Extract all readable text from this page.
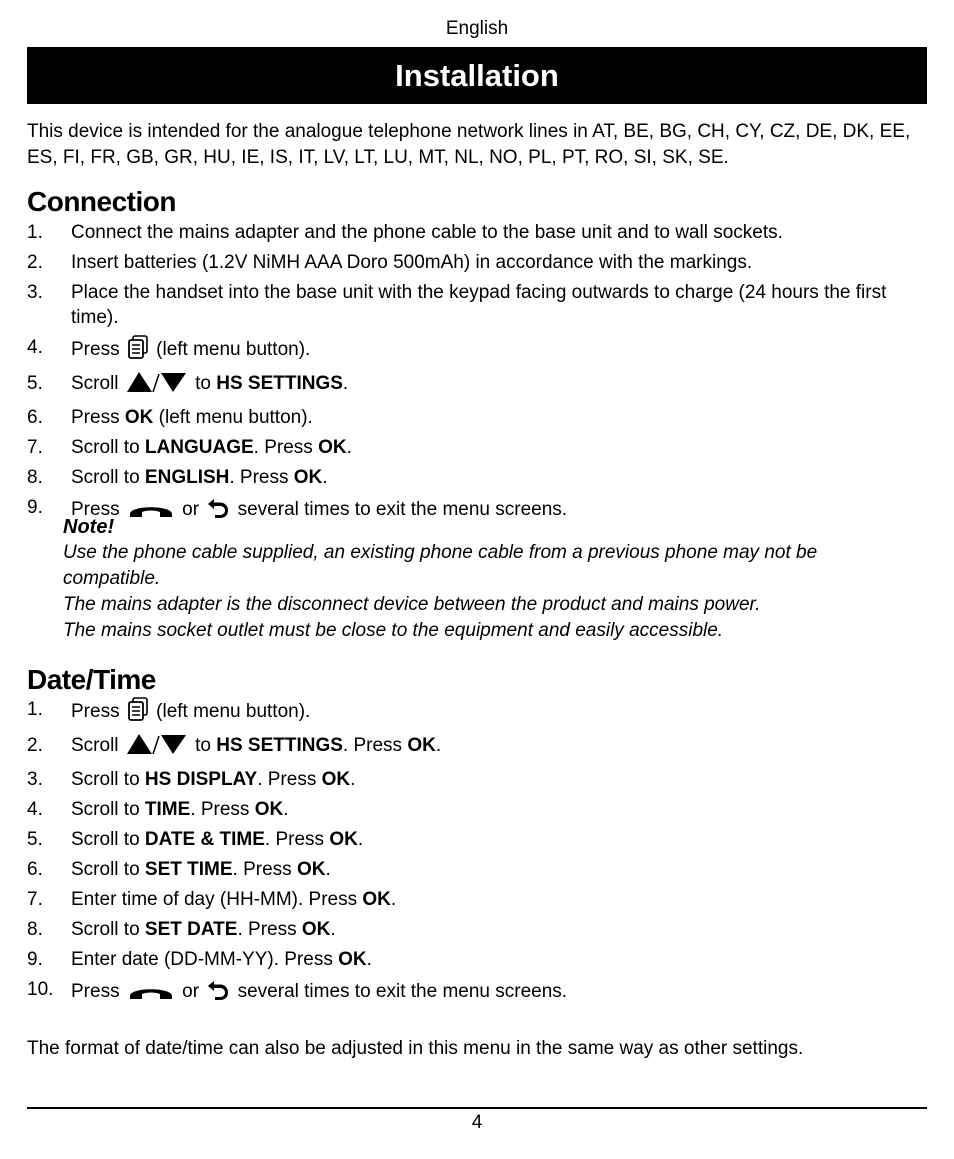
English
Installation
This device is intended for the analogue telephone network lines in AT, BE, BG, CH, CY, CZ, DE, DK, EE, ES, FI, FR, GB, GR, HU, IE, IS, IT, LV, LT, LU, MT, NL, NO, PL, PT, RO, SI, SK, SE.
Connection
1. Connect the mains adapter and the phone cable to the base unit and to wall sockets.
2. Insert batteries (1.2V NiMH AAA Doro 500mAh) in accordance with the markings.
3. Place the handset into the base unit with the keypad facing outwards to charge (24 hours the first time).
4. Press (left menu button).
5. Scroll	to HS SETTINGS.
6. Press OK (left menu button).
7. Scroll to LANGUAGE. Press OK.
8. Scroll to ENGLISH. Press OK.
9. Press	or several times to exit the menu screens.
Note!
Use the phone cable supplied, an existing phone cable from a previous phone may not be compatible.
The mains adapter is the disconnect device between the product and mains power.
The mains socket outlet must be close to the equipment and easily accessible.
Date/Time
1. Press (left menu button).
2. Scroll	to HS SETTINGS. Press OK.
3. Scroll to HS DISPLAY. Press OK.
4. Scroll to TIME. Press OK.
5. Scroll to DATE & TIME. Press OK.
6. Scroll to SET TIME. Press OK.
7. Enter time of day (HH-MM). Press OK.
8. Scroll to SET DATE. Press OK.
9. Enter date (DD-MM-YY). Press OK.
10. Press	or several times to exit the menu screens.
The format of date/time can also be adjusted in this menu in the same way as other settings.
4
